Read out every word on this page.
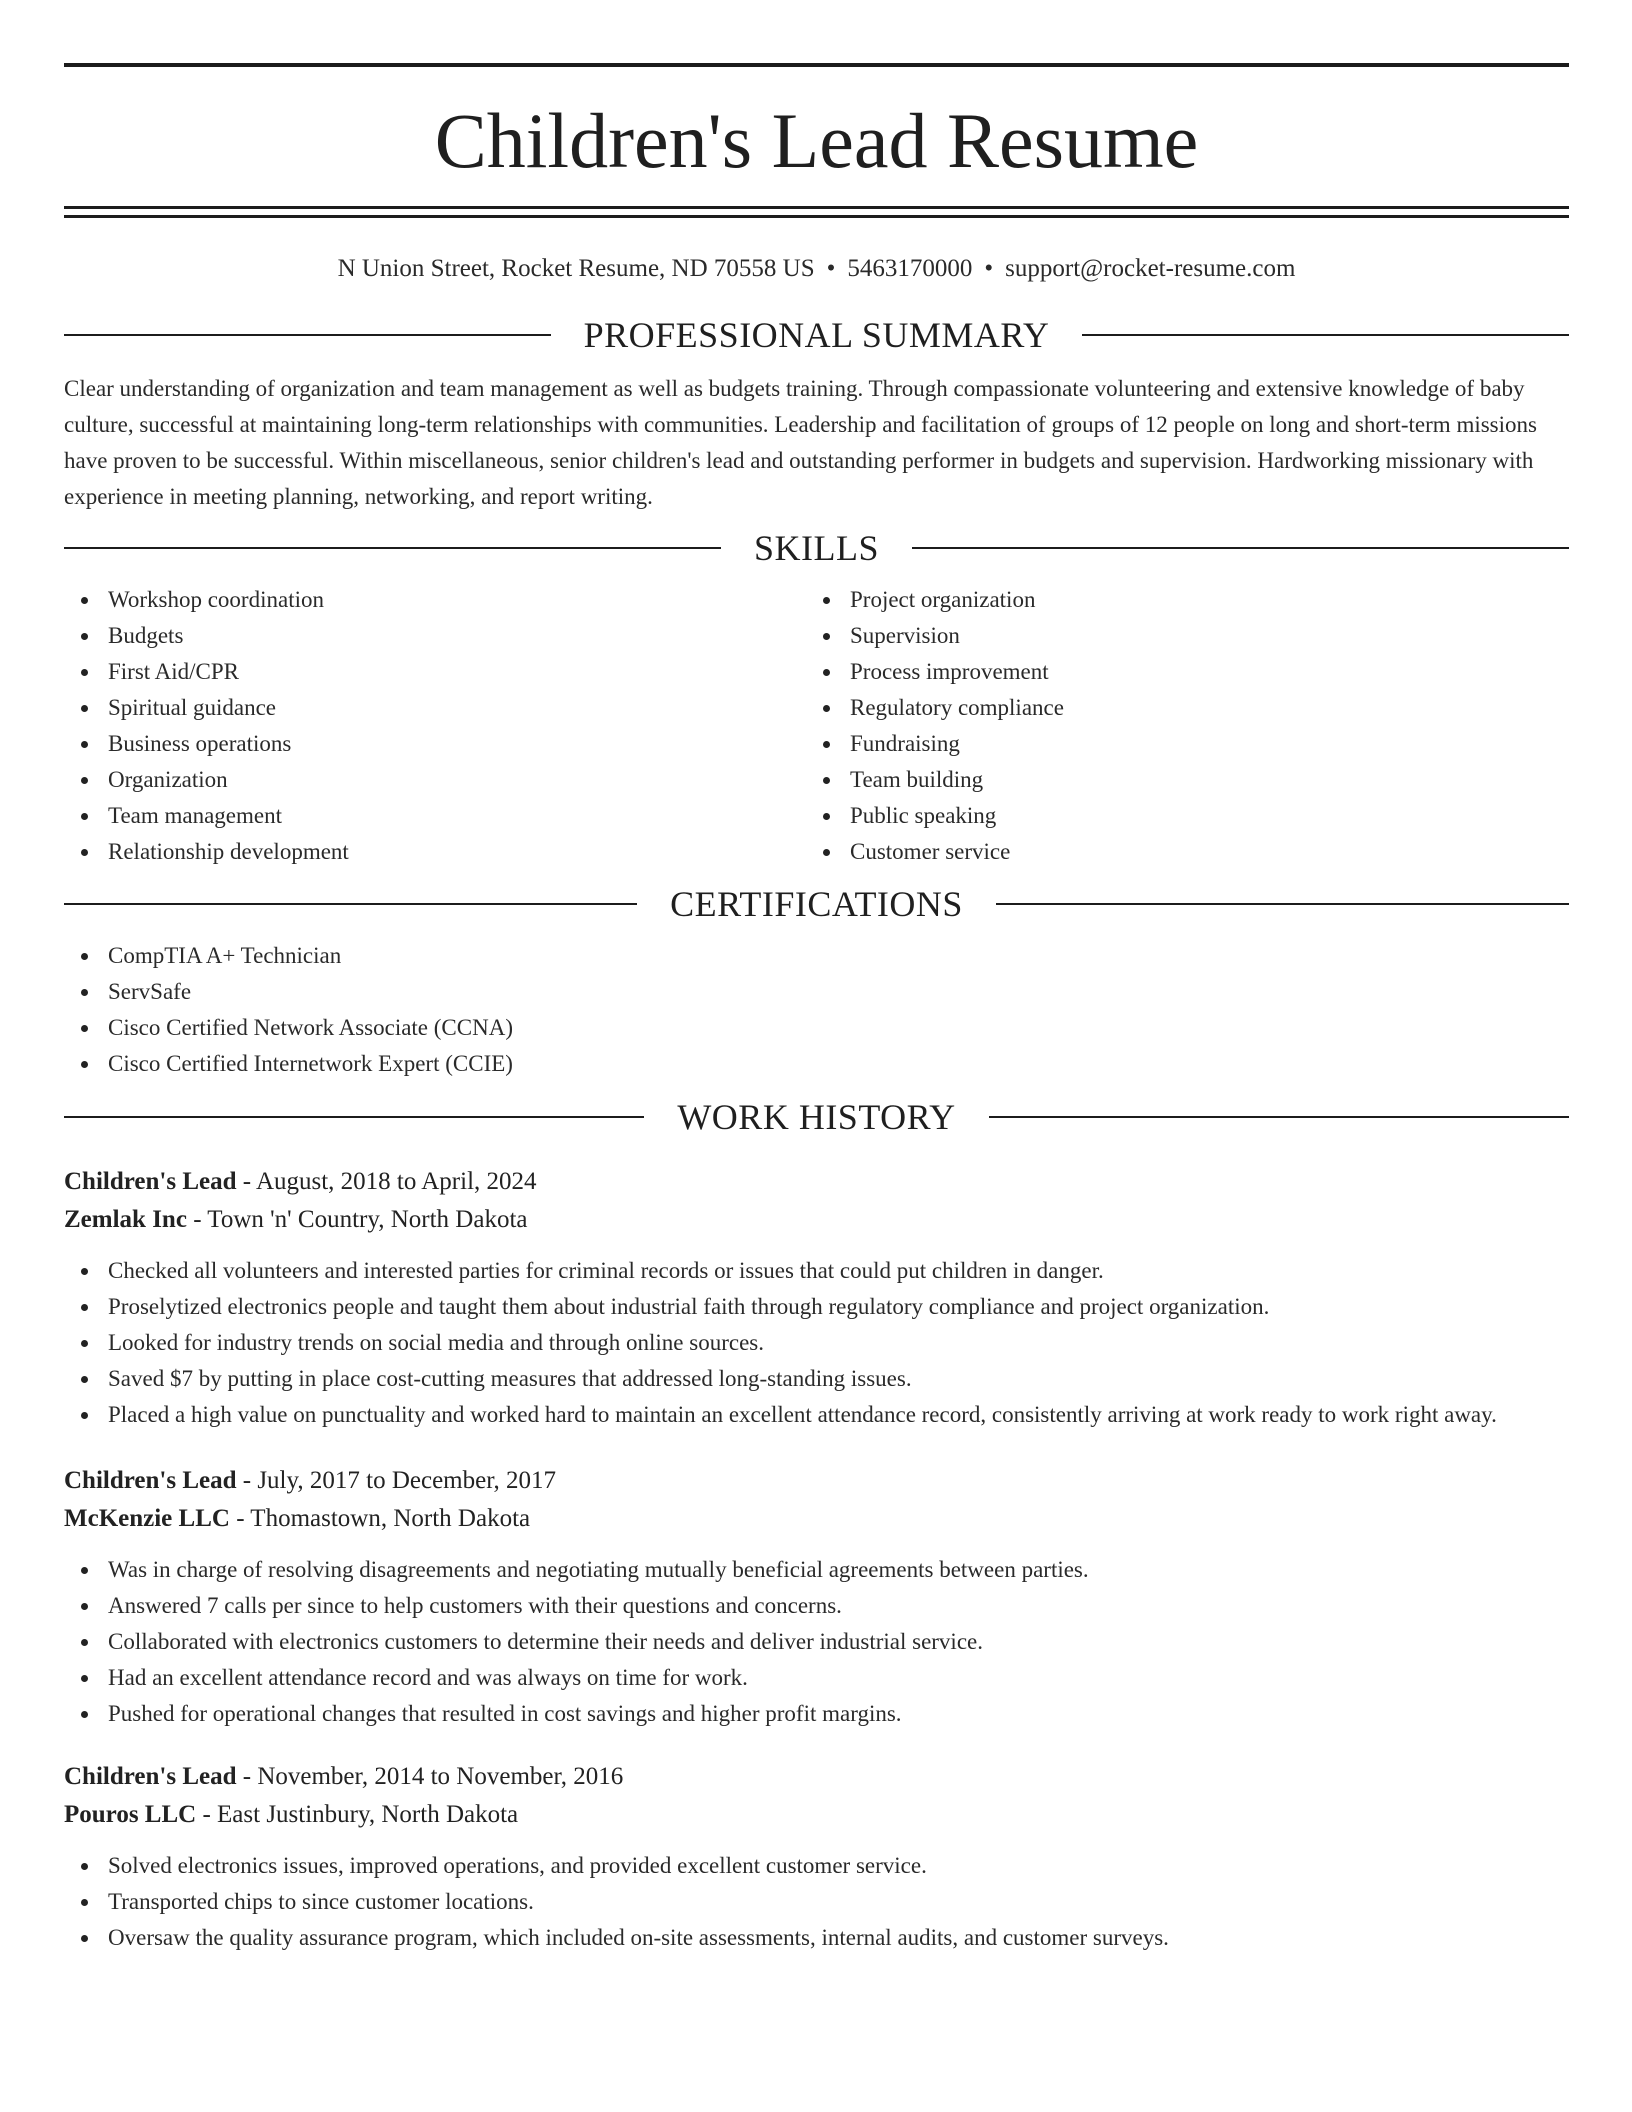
Children's Lead Resume
N Union Street, Rocket Resume, ND 70558 US • 5463170000 • support@rocket-resume.com
PROFESSIONAL SUMMARY

Clear understanding of organization and team management as well as budgets training. Through compassionate volunteering and extensive knowledge of baby culture, successful at maintaining long-term relationships with communities. Leadership and facilitation of groups of 12 people on long and short-term missions have proven to be successful. Within miscellaneous, senior children's lead and outstanding performer in budgets and supervision. Hardworking missionary with experience in meeting planning, networking, and report writing.

SKILLS
Workshop coordination
Budgets
First Aid/CPR
Spiritual guidance
Business operations
Organization
Team management
Relationship development
Project organization
Supervision
Process improvement
Regulatory compliance
Fundraising
Team building
Public speaking
Customer service
CERTIFICATIONS
CompTIA A+ Technician
ServSafe
Cisco Certified Network Associate (CCNA)
Cisco Certified Internetwork Expert (CCIE)
WORK HISTORY
Children's Lead - August, 2018 to April, 2024
Zemlak Inc - Town 'n' Country, North Dakota
Checked all volunteers and interested parties for criminal records or issues that could put children in danger.
Proselytized electronics people and taught them about industrial faith through regulatory compliance and project organization.
Looked for industry trends on social media and through online sources.
Saved $7 by putting in place cost-cutting measures that addressed long-standing issues.
Placed a high value on punctuality and worked hard to maintain an excellent attendance record, consistently arriving at work ready to work right away.
Children's Lead - July, 2017 to December, 2017
McKenzie LLC - Thomastown, North Dakota
Was in charge of resolving disagreements and negotiating mutually beneficial agreements between parties.
Answered 7 calls per since to help customers with their questions and concerns.
Collaborated with electronics customers to determine their needs and deliver industrial service.
Had an excellent attendance record and was always on time for work.
Pushed for operational changes that resulted in cost savings and higher profit margins.
Children's Lead - November, 2014 to November, 2016
Pouros LLC - East Justinbury, North Dakota
Solved electronics issues, improved operations, and provided excellent customer service.
Transported chips to since customer locations.
Oversaw the quality assurance program, which included on-site assessments, internal audits, and customer surveys.
